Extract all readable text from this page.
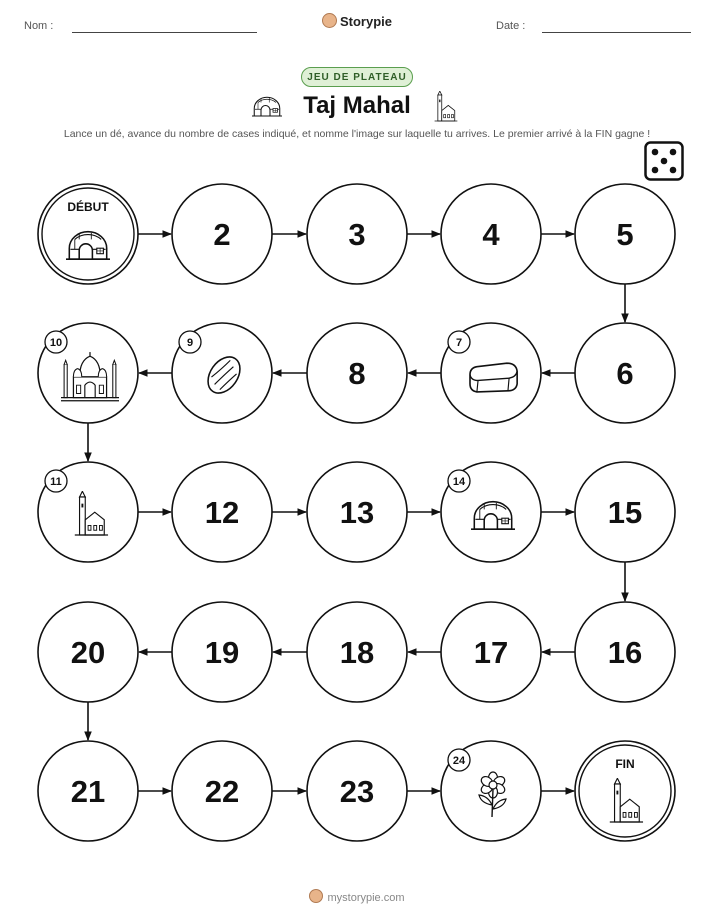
Nom :	Storypie	Date :
JEU DE PLATEAU
DÉBUT
2	3	4	5
6
7
8
9
10
11
12	13
14
15
16
17
18
19
20
21	22	23
24	FIN
Taj Mahal
Lance un dé, avance du nombre de cases indiqué, et nomme l'image sur laquelle tu arrives. Le premier arrivé à la FIN gagne !
mystorypie.com
